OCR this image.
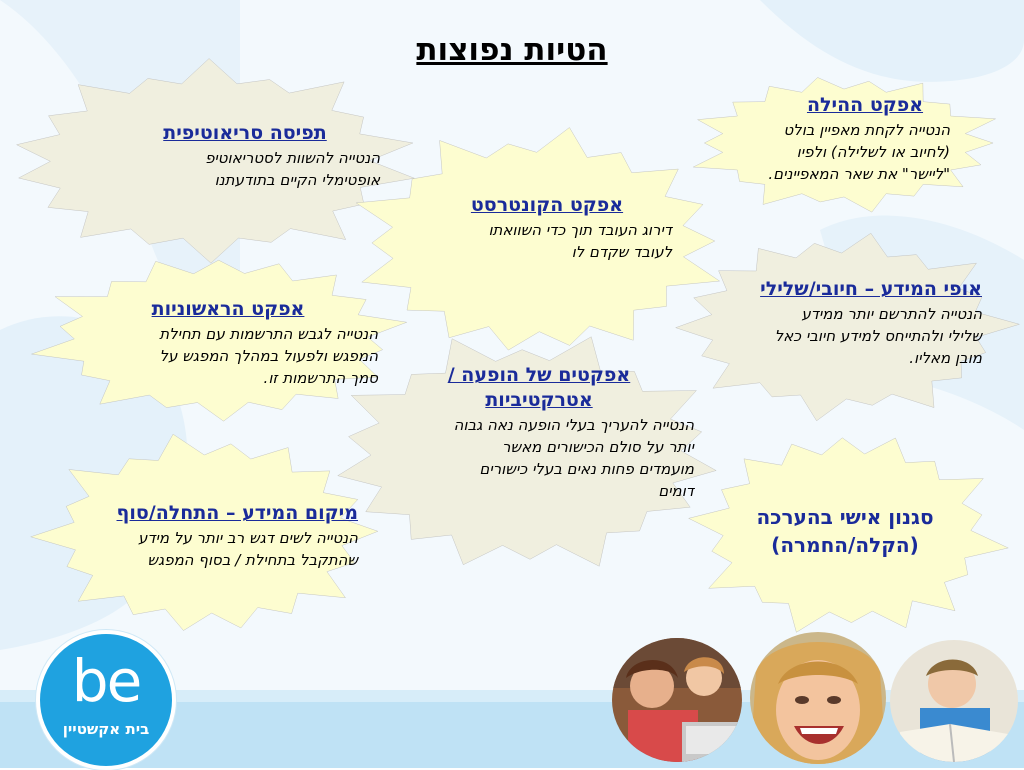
הטיות נפוצות
אפקט ההילה
הנטייה לקחת מאפיין בולט
(לחיוב או לשלילה) ולפיו
"ליישר" את שאר המאפיינים.
תפיסה סריאוטיפית
הנטייה להשוות לסטריאוטיפ
אופטימלי הקיים בתודעתנו
אפקט הקונטרסט
דירוג העובד תוך כדי השוואתו
לעובד שקדם לו
אפקט הראשוניות
הנטייה לגבש התרשמות עם תחילת
המפגש ולפעול במהלך המפגש על
סמך התרשמות זו.
אופי המידע – חיובי/שלילי
הנטייה להתרשם יותר ממידע
שלילי ולהתייחס למידע חיובי כאל
מובן מאליו.
אפקטים של הופעה /
אטרקטיביות
הנטייה להעריך בעלי הופעה נאה גבוה
יותר על סולם הכישורים מאשר
מועמדים פחות נאים בעלי כישורים
דומים
מיקום המידע – התחלה/סוף
הנטייה לשים דגש רב יותר על מידע
שהתקבל בתחילת / בסוף המפגש
סגנון אישי בהערכה
(הקלה/החמרה)
be
בית אקשטיין
